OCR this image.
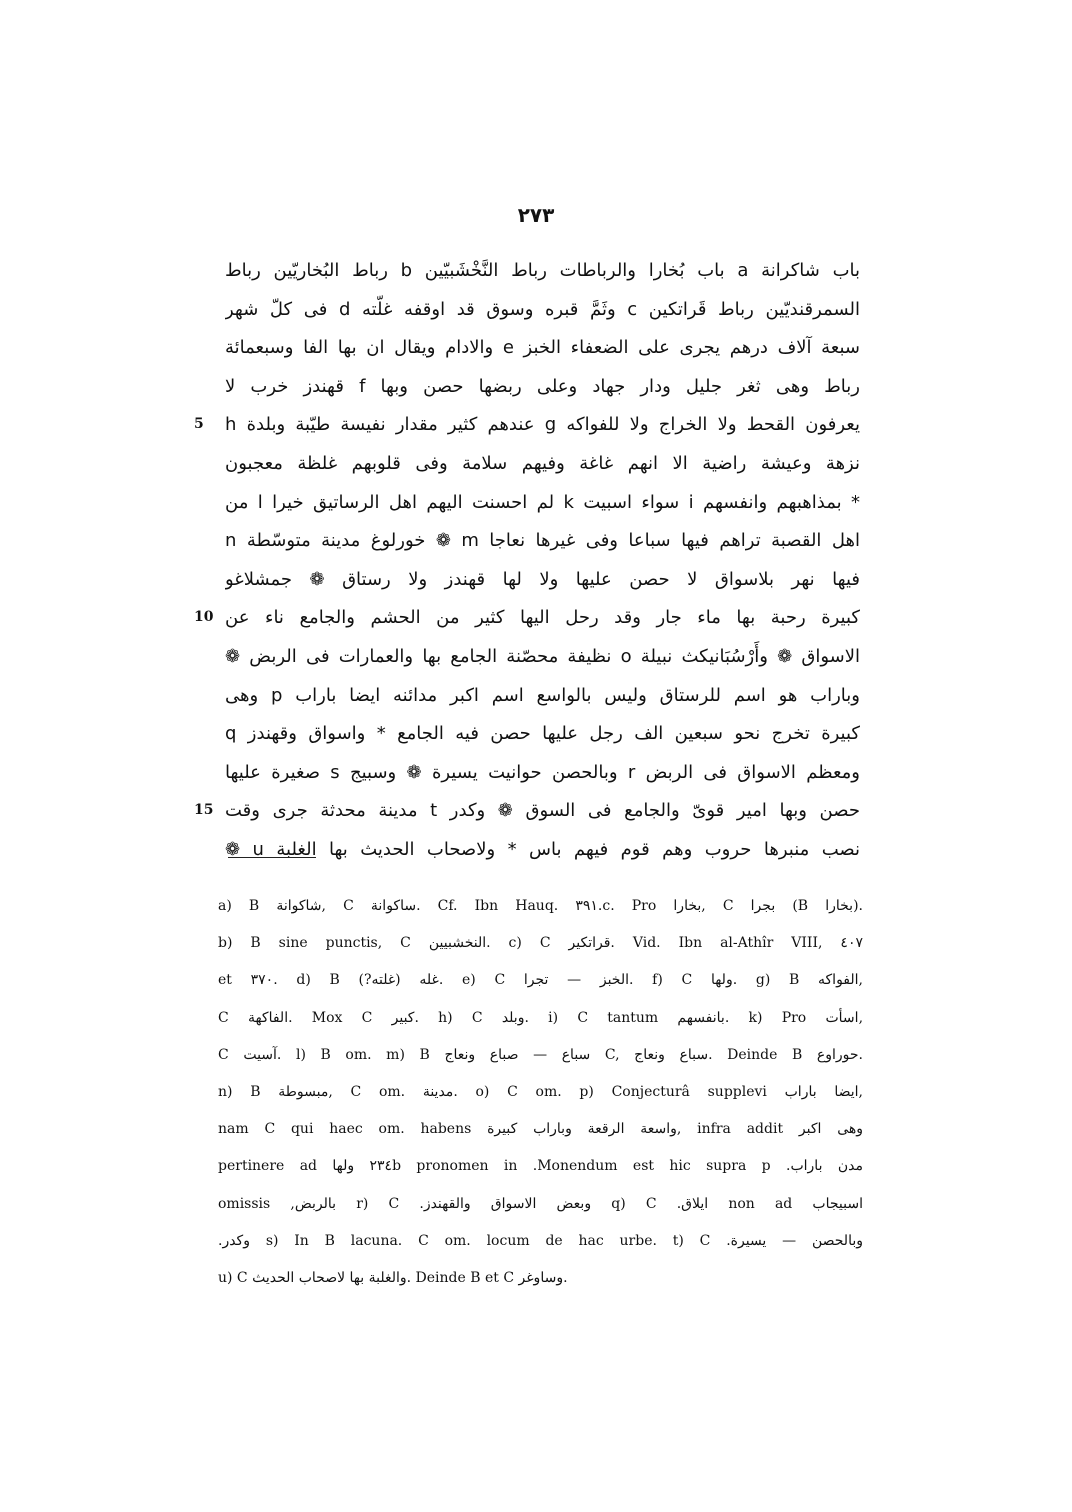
٢٧٣
باب شاكرانة a باب بُخارا والرباطات رباط النَّخْشَبيّين b رباط البُخاريّين رباط
السمرقنديّين رباط قَراتكين c وثَمَّ قبره وسوق قد اوقفه غلّته d فى كلّ شهر
سبعة آلاف درهم يجرى على الضعفاء الخبز e والادام ويقال ان بها الفا وسبعمائة
رباط وهى ثغر جليل ودار جهاد وعلى ربضها حصن وبها f قهندز خرب لا
يعرفون القحط ولا الخراج ولا للفواكه g عندهم كثير مقدار نفيسة طيّبة وبلدة h
نزهة وعيشة راضية الا انهم غاغة وفيهم سلامة وفى قلوبهم غلظة معجبون
* بمذاهبهم وانفسهم i سواء اسبيت k لم احسنت اليهم اهل الرساتيق خيرا l من
اهل القصبة تراهم فيها سباعا وفى غيرها نعاجا m ❁ خورلوغ مدينة متوسّطة n
فيها نهر بلاسواق لا حصن عليها ولا لها قهندز ولا رستاق ❁ جمشلاغو
كبيرة رحبة بها ماء جار وقد رحل اليها كثير من الحشم والجامع ناء عن
الاسواق ❁ وأَرْسُبَانيكث نبيلة o نظيفة محصّنة الجامع بها والعمارات فى الربض ❁
وباراب هو اسم للرستاق وليس بالواسع اسم اكبر مدائنه ايضا باراب p وهى
كبيرة تخرج نحو سبعين الف رجل عليها حصن فيه الجامع * واسواق وقهندز q
ومعظم الاسواق فى الربض r وبالحصن حوانيت يسيرة ❁ وسبيج s صغيرة عليها
حصن وبها امير قوىّ والجامع فى السوق ❁ وكدر t مدينة محدثة جرى وقت
نصب منبرها حروب وهم قوم فيهم باس * ولاصحاب الحديث بها الغلبة u ❁
5
10
15
a) B شاكوانة, C ساكوانة. Cf. Ibn Hauq. ٣٩١.c. Pro بخارا, C بجرا (B بخارا).
b) B sine punctis, C النخشبيين. c) C قراتكير. Vid. Ibn al-Athîr VIII, ٤٠٧
et ٣٧٠. d) B غله (غلته?). e) C الخبز — تجرا. f) C ولها. g) B الفواكه,
C الفاكهة. Mox C كبير. h) C وبلد. i) C tantum بانفسهم. k) Pro اسأت,
C آسيت. l) B om. m) B سباع — صباع ونعاج C, سباع ونعاج. Deinde B حوراوع.
n) B مبسوطة, C om. مدينة. o) C om. p) Conjecturâ supplevi ايضا باراب,
nam C qui haec om. habens واسعة الرقعة وباراب كبيرة, infra addit وهى اكبر
مدن باراب. Monendum est hic supra p. ٢٣٤b pronomen in ولها pertinere ad
اسبيجاب non ad ايلاق. q) C وبعض الاسواق والقهندز. r) C بالربض, omissis
وبالحصن — يسيرة. s) In B lacuna. C om. locum de hac urbe. t) C وكدر.
u) C والغلبة بها لاصحاب الحديث. Deinde B et C وساوغر.
